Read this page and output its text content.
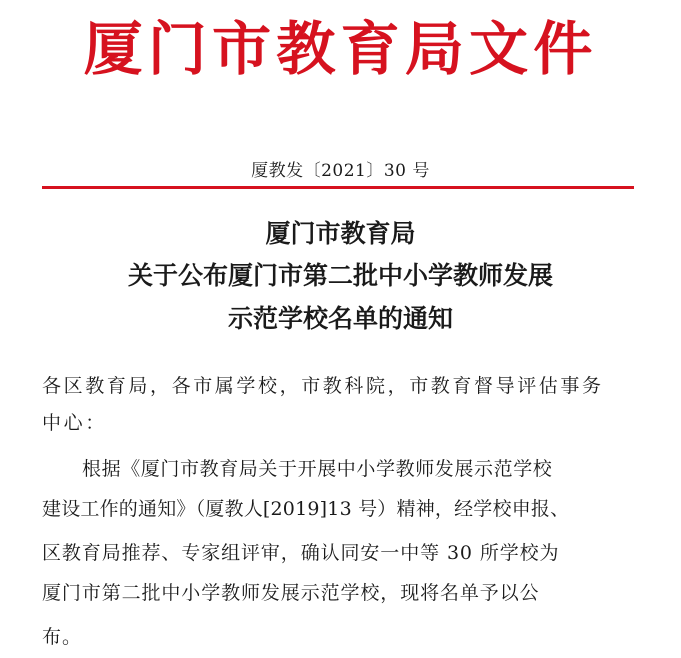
厦门市教育局文件
厦教发〔2021〕30 号
厦门市教育局
关于公布厦门市第二批中小学教师发展
示范学校名单的通知
各区教育局，各市属学校，市教科院，市教育督导评估事务
中心：
根据《厦门市教育局关于开展中小学教师发展示范学校
建设工作的通知》（厦教人[2019]13 号）精神，经学校申报、
区教育局推荐、专家组评审，确认同安一中等 30 所学校为
厦门市第二批中小学教师发展示范学校，现将名单予以公
布。
